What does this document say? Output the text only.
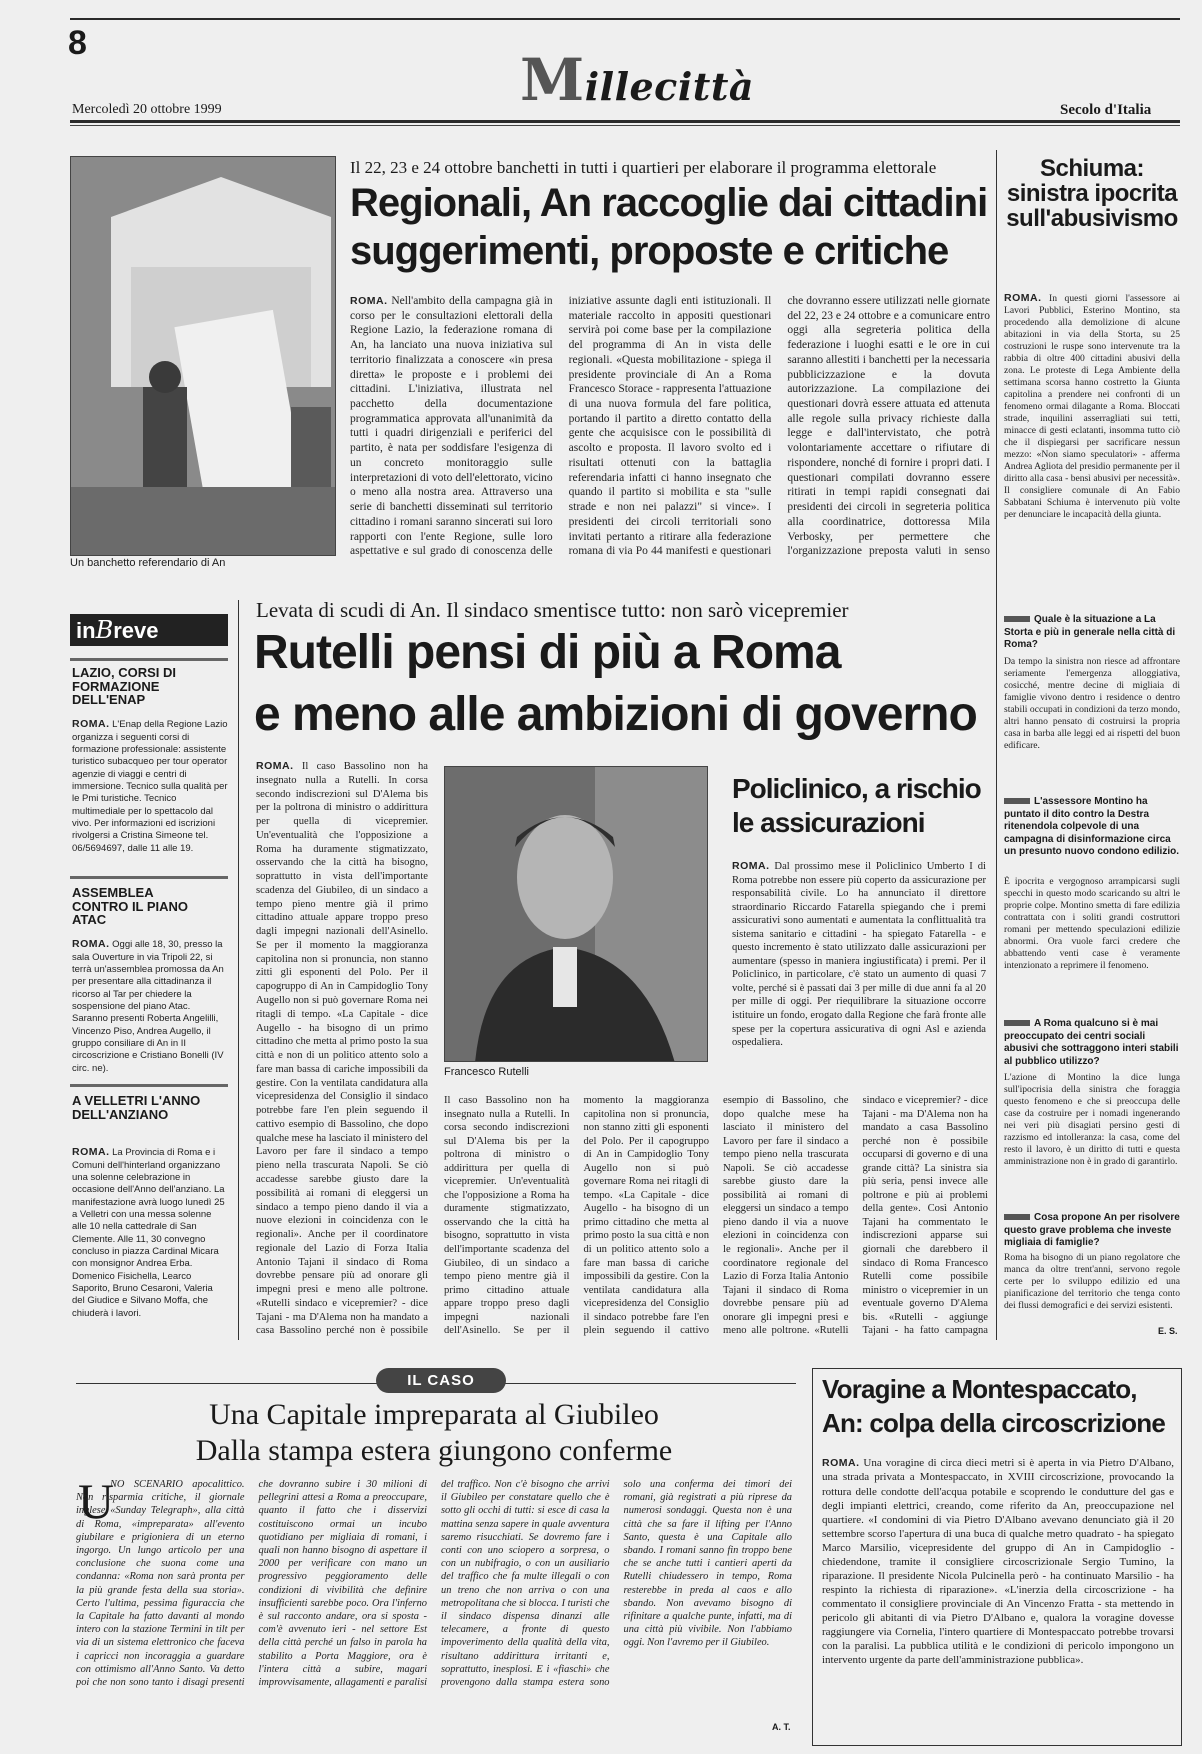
8
Millecittà
Mercoledì 20 ottobre 1999	Secolo d'Italia
Un banchetto referendario di An
Il 22, 23 e 24 ottobre banchetti in tutti i quartieri per elaborare il programma elettorale
Regionali, An raccoglie dai cittadini
suggerimenti, proposte e critiche
ROMA. Nell'ambito della campagna già in corso per le consultazioni elettorali della Regione Lazio, la federazione romana di An, ha lanciato una nuova iniziativa sul territorio finalizzata a conoscere «in presa diretta» le proposte e i problemi dei cittadini. L'iniziativa, illustrata nel pacchetto della documentazione programmatica approvata all'unanimità da tutti i quadri dirigenziali e periferici del partito, è nata per soddisfare l'esigenza di un concreto monitoraggio sulle interpretazioni di voto dell'elettorato, vicino o meno alla nostra area. Attraverso una serie di banchetti disseminati sul territorio cittadino i romani saranno sincerati sui loro rapporti con l'ente Regione, sulle loro aspettative e sul grado di conoscenza delle iniziative assunte dagli enti istituzionali. Il materiale raccolto in appositi questionari servirà poi come base per la compilazione del programma di An in vista delle regionali. «Questa mobilitazione - spiega il presidente provinciale di An a Roma Francesco Storace - rappresenta l'attuazione di una nuova formula del fare politica, portando il partito a diretto contatto della gente che acquisisce con le possibilità di ascolto e proposta. Il lavoro svolto ed i risultati ottenuti con la battaglia referendaria infatti ci hanno insegnato che quando il partito si mobilita e sta "sulle strade e non nei palazzi" si vince». I presidenti dei circoli territoriali sono invitati pertanto a ritirare alla federazione romana di via Po 44 manifesti e questionari che dovranno essere utilizzati nelle giornate del 22, 23 e 24 ottobre e a comunicare entro oggi alla segreteria politica della federazione i luoghi esatti e le ore in cui saranno allestiti i banchetti per la necessaria pubblicizzazione e la dovuta autorizzazione. La compilazione dei questionari dovrà essere attuata ed attenuta alle regole sulla privacy richieste dalla legge e dall'intervistato, che potrà volontariamente accettare o rifiutare di rispondere, nonché di fornire i propri dati. I questionari compilati dovranno essere ritirati in tempi rapidi consegnati dai presidenti dei circoli in segreteria politica alla coordinatrice, dottoressa Mila Verbosky, per permettere che l'organizzazione preposta valuti in senso
Schiuma: sinistra ipocrita sull'abusivismo
ROMA. In questi giorni l'assessore ai Lavori Pubblici, Esterino Montino, sta procedendo alla demolizione di alcune abitazioni in via della Storta, su 25 costruzioni le ruspe sono intervenute tra la rabbia di oltre 400 cittadini abusivi della zona. Le proteste di Lega Ambiente della settimana scorsa hanno costretto la Giunta capitolina a prendere nei confronti di un fenomeno ormai dilagante a Roma. Bloccati strade, inquilini asserragliati sui tetti, minacce di gesti eclatanti, insomma tutto ciò che il dispiegarsi per sacrificare nessun mezzo: «Non siamo speculatori» - afferma Andrea Agliota del presidio permanente per il diritto alla casa - bensì abusivi per necessità». Il consigliere comunale di An Fabio Sabbatani Schiuma è intervenuto più volte per denunciare le incapacità della giunta.
Quale è la situazione a La Storta e più in generale nella città di Roma?
Da tempo la sinistra non riesce ad affrontare seriamente l'emergenza alloggiativa, cosicché, mentre decine di migliaia di famiglie vivono dentro i residence o dentro stabili occupati in condizioni da terzo mondo, altri hanno pensato di costruirsi la propria casa in barba alle leggi ed ai rispetti del buon edificare.
L'assessore Montino ha puntato il dito contro la Destra ritenendola colpevole di una campagna di disinformazione circa un presunto nuovo condono edilizio.
È ipocrita e vergognoso arrampicarsi sugli specchi in questo modo scaricando su altri le proprie colpe. Montino smetta di fare edilizia contrattata con i soliti grandi costruttori romani per mettendo speculazioni edilizie abnormi. Ora vuole farci credere che abbattendo venti case è veramente intenzionato a reprimere il fenomeno.
A Roma qualcuno si è mai preoccupato dei centri sociali abusivi che sottraggono interi stabili al pubblico utilizzo?
L'azione di Montino la dice lunga sull'ipocrisia della sinistra che foraggia questo fenomeno e che si preoccupa delle case da costruire per i nomadi ingenerando nei veri più disagiati persino gesti di razzismo ed intolleranza: la casa, come del resto il lavoro, è un diritto di tutti e questa amministrazione non è in grado di garantirlo.
Cosa propone An per risolvere questo grave problema che investe migliaia di famiglie?
Roma ha bisogno di un piano regolatore che manca da oltre trent'anni, servono regole certe per lo sviluppo edilizio ed una pianificazione del territorio che tenga conto dei flussi demografici e dei servizi esistenti.
E. S.
inBreve
LAZIO, CORSI DI FORMAZIONE DELL'ENAP
ROMA. L'Enap della Regione Lazio organizza i seguenti corsi di formazione professionale: assistente turistico subacqueo per tour operator agenzie di viaggi e centri di immersione. Tecnico sulla qualità per le Pmi turistiche. Tecnico multimediale per lo spettacolo dal vivo. Per informazioni ed iscrizioni rivolgersi a Cristina Simeone tel. 06/5694697, dalle 11 alle 19.
ASSEMBLEA CONTRO IL PIANO ATAC
ROMA. Oggi alle 18, 30, presso la sala Ouverture in via Tripoli 22, si terrà un'assemblea promossa da An per presentare alla cittadinanza il ricorso al Tar per chiedere la sospensione del piano Atac. Saranno presenti Roberta Angelilli, Vincenzo Piso, Andrea Augello, il gruppo consiliare di An in II circoscrizione e Cristiano Bonelli (IV circ. ne).
A VELLETRI L'ANNO DELL'ANZIANO
ROMA. La Provincia di Roma e i Comuni dell'hinterland organizzano una solenne celebrazione in occasione dell'Anno dell'anziano. La manifestazione avrà luogo lunedì 25 a Velletri con una messa solenne alle 10 nella cattedrale di San Clemente. Alle 11, 30 convegno concluso in piazza Cardinal Micara con monsignor Andrea Erba. Domenico Fisichella, Learco Saporito, Bruno Cesaroni, Valeria del Giudice e Silvano Moffa, che chiuderà i lavori.
Levata di scudi di An. Il sindaco smentisce tutto: non sarò vicepremier
Rutelli pensi di più a Roma
e meno alle ambizioni di governo
ROMA. Il caso Bassolino non ha insegnato nulla a Rutelli. In corsa secondo indiscrezioni sul D'Alema bis per la poltrona di ministro o addirittura per quella di vicepremier. Un'eventualità che l'opposizione a Roma ha duramente stigmatizzato, osservando che la città ha bisogno, soprattutto in vista dell'importante scadenza del Giubileo, di un sindaco a tempo pieno mentre già il primo cittadino attuale appare troppo preso dagli impegni nazionali dell'Asinello. Se per il momento la maggioranza capitolina non si pronuncia, non stanno zitti gli esponenti del Polo. Per il capogruppo di An in Campidoglio Tony Augello non si può governare Roma nei ritagli di tempo. «La Capitale - dice Augello - ha bisogno di un primo cittadino che metta al primo posto la sua città e non di un politico attento solo a fare man bassa di cariche impossibili da gestire. Con la ventilata candidatura alla vicepresidenza del Consiglio il sindaco potrebbe fare l'en plein seguendo il cattivo esempio di Bassolino, che dopo qualche mese ha lasciato il ministero del Lavoro per fare il sindaco a tempo pieno nella trascurata Napoli. Se ciò accadesse sarebbe giusto dare la possibilità ai romani di eleggersi un sindaco a tempo pieno dando il via a nuove elezioni in coincidenza con le regionali». Anche per il coordinatore regionale del Lazio di Forza Italia Antonio Tajani il sindaco di Roma dovrebbe pensare più ad onorare gli impegni presi e meno alle poltrone. «Rutelli sindaco e vicepremier? - dice Tajani - ma D'Alema non ha mandato a casa Bassolino perché non è possibile
Francesco Rutelli
Policlinico, a rischio
le assicurazioni
ROMA. Dal prossimo mese il Policlinico Umberto I di Roma potrebbe non essere più coperto da assicurazione per responsabilità civile. Lo ha annunciato il direttore straordinario Riccardo Fatarella spiegando che i premi assicurativi sono aumentati e aumentata la conflittualità tra sistema sanitario e cittadini - ha spiegato Fatarella - e questo incremento è stato utilizzato dalle assicurazioni per aumentare (spesso in maniera ingiustificata) i premi. Per il Policlinico, in particolare, c'è stato un aumento di quasi 7 volte, perché si è passati dai 3 per mille di due anni fa al 20 per mille di oggi. Per riequilibrare la situazione occorre istituire un fondo, erogato dalla Regione che farà fronte alle spese per la copertura assicurativa di ogni Asl e azienda ospedaliera.
Il caso Bassolino non ha insegnato nulla a Rutelli. In corsa secondo indiscrezioni sul D'Alema bis per la poltrona di ministro o addirittura per quella di vicepremier. Un'eventualità che l'opposizione a Roma ha duramente stigmatizzato, osservando che la città ha bisogno, soprattutto in vista dell'importante scadenza del Giubileo, di un sindaco a tempo pieno mentre già il primo cittadino attuale appare troppo preso dagli impegni nazionali dell'Asinello. Se per il momento la maggioranza capitolina non si pronuncia, non stanno zitti gli esponenti del Polo. Per il capogruppo di An in Campidoglio Tony Augello non si può governare Roma nei ritagli di tempo. «La Capitale - dice Augello - ha bisogno di un primo cittadino che metta al primo posto la sua città e non di un politico attento solo a fare man bassa di cariche impossibili da gestire. Con la ventilata candidatura alla vicepresidenza del Consiglio il sindaco potrebbe fare l'en plein seguendo il cattivo esempio di Bassolino, che dopo qualche mese ha lasciato il ministero del Lavoro per fare il sindaco a tempo pieno nella trascurata Napoli. Se ciò accadesse sarebbe giusto dare la possibilità ai romani di eleggersi un sindaco a tempo pieno dando il via a nuove elezioni in coincidenza con le regionali». Anche per il coordinatore regionale del Lazio di Forza Italia Antonio Tajani il sindaco di Roma dovrebbe pensare più ad onorare gli impegni presi e meno alle poltrone. «Rutelli sindaco e vicepremier? - dice Tajani - ma D'Alema non ha mandato a casa Bassolino perché non è possibile occuparsi di governo e di una grande città? La sinistra sia più seria, pensi invece alle poltrone e più ai problemi della gente». Così Antonio Tajani ha commentato le indiscrezioni apparse sui giornali che darebbero il sindaco di Roma Francesco Rutelli come possibile ministro o vicepremier in un eventuale governo D'Alema bis. «Rutelli - aggiunge Tajani - ha fatto campagna
IL CASO
Una Capitale impreparata al Giubileo
Dalla stampa estera giungono conferme
U
NO SCENARIO apocalittico. Non risparmia critiche, il giornale inglese «Sunday Telegraph», alla città di Roma, «impreparata» all'evento giubilare e prigioniera di un eterno ingorgo. Un lungo articolo per una conclusione che suona come una condanna: «Roma non sarà pronta per la più grande festa della sua storia». Certo l'ultima, pessima figuraccia che la Capitale ha fatto davanti al mondo intero con la stazione Termini in tilt per via di un sistema elettronico che faceva i capricci non incoraggia a guardare con ottimismo all'Anno Santo. Va detto poi che non sono tanto i disagi presenti che dovranno subire i 30 milioni di pellegrini attesi a Roma a preoccupare, quanto il fatto che i disservizi costituiscono ormai un incubo quotidiano per migliaia di romani, i quali non hanno bisogno di aspettare il 2000 per verificare con mano un progressivo peggioramento delle condizioni di vivibilità che definire insufficienti sarebbe poco. Ora l'inferno è sul racconto andare, ora si sposta - com'è avvenuto ieri - nel settore Est della città perché un falso in parola ha stabilito a Porta Maggiore, ora è l'intera città a subire, magari improvvisamente, allagamenti e paralisi del traffico. Non c'è bisogno che arrivi il Giubileo per constatare quello che è sotto gli occhi di tutti: si esce di casa la mattina senza sapere in quale avventura saremo risucchiati. Se dovremo fare i conti con uno sciopero a sorpresa, o con un nubifragio, o con un ausiliario del traffico che fa multe illegali o con un treno che non arriva o con una metropolitana che si blocca. I turisti che il sindaco dispensa dinanzi alle telecamere, a fronte di questo impoverimento della qualità della vita, risultano addirittura irritanti e, soprattutto, inesplosi. E i «fiaschi» che provengono dalla stampa estera sono solo una conferma dei timori dei romani, già registrati a più riprese da numerosi sondaggi. Questa non è una città che sa fare il lifting per l'Anno Santo, questa è una Capitale allo sbando. I romani sanno fin troppo bene che se anche tutti i cantieri aperti da Rutelli chiudessero in tempo, Roma resterebbe in preda al caos e allo sbando. Non avevamo bisogno di rifinitare a qualche punte, infatti, ma di una città più vivibile. Non l'abbiamo oggi. Non l'avremo per il Giubileo.
A. T.
Voragine a Montespaccato,
An: colpa della circoscrizione
ROMA. Una voragine di circa dieci metri si è aperta in via Pietro D'Albano, una strada privata a Montespaccato, in XVIII circoscrizione, provocando la rottura delle condotte dell'acqua potabile e scoprendo le condutture del gas e degli impianti elettrici, creando, come riferito da An, preoccupazione nel quartiere. «I condomini di via Pietro D'Albano avevano denunciato già il 20 settembre scorso l'apertura di una buca di qualche metro quadrato - ha spiegato Marco Marsilio, vicepresidente del gruppo di An in Campidoglio - chiedendone, tramite il consigliere circoscrizionale Sergio Tumino, la riparazione. Il presidente Nicola Pulcinella però - ha continuato Marsilio - ha respinto la richiesta di riparazione». «L'inerzia della circoscrizione - ha commentato il consigliere provinciale di An Vincenzo Fratta - sta mettendo in pericolo gli abitanti di via Pietro D'Albano e, qualora la voragine dovesse raggiungere via Cornelia, l'intero quartiere di Montespaccato potrebbe trovarsi con la paralisi. La pubblica utilità e le condizioni di pericolo impongono un intervento urgente da parte dell'amministrazione pubblica».
